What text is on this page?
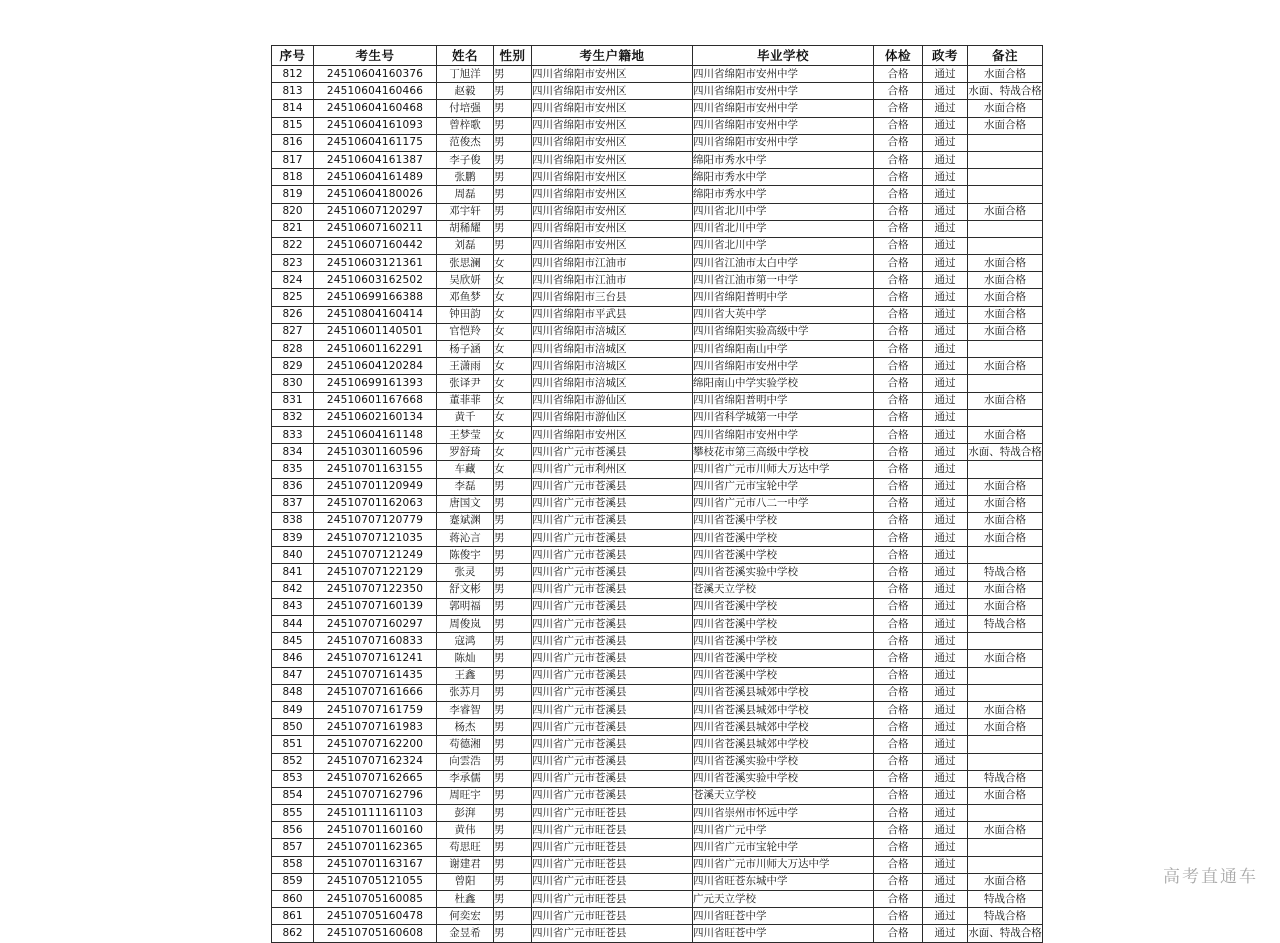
序号	考生号	姓名	性别	考生户籍地	毕业学校	体检	政考	备注
812	24510604160376	丁旭洋	男	四川省绵阳市安州区	四川省绵阳市安州中学	合格	通过	水面合格
813	24510604160466	赵毅	男	四川省绵阳市安州区	四川省绵阳市安州中学	合格	通过	水面、特战合格
814	24510604160468	付培强	男	四川省绵阳市安州区	四川省绵阳市安州中学	合格	通过	水面合格
815	24510604161093	曾梓歌	男	四川省绵阳市安州区	四川省绵阳市安州中学	合格	通过	水面合格
816	24510604161175	范俊杰	男	四川省绵阳市安州区	四川省绵阳市安州中学	合格	通过	
817	24510604161387	李子俊	男	四川省绵阳市安州区	绵阳市秀水中学	合格	通过	
818	24510604161489	张鹏	男	四川省绵阳市安州区	绵阳市秀水中学	合格	通过	
819	24510604180026	周磊	男	四川省绵阳市安州区	绵阳市秀水中学	合格	通过	
820	24510607120297	邓宇轩	男	四川省绵阳市安州区	四川省北川中学	合格	通过	水面合格
821	24510607160211	胡稀耀	男	四川省绵阳市安州区	四川省北川中学	合格	通过	
822	24510607160442	刘磊	男	四川省绵阳市安州区	四川省北川中学	合格	通过	
823	24510603121361	张思澜	女	四川省绵阳市江油市	四川省江油市太白中学	合格	通过	水面合格
824	24510603162502	吴欣妍	女	四川省绵阳市江油市	四川省江油市第一中学	合格	通过	水面合格
825	24510699166388	邓鱼梦	女	四川省绵阳市三台县	四川省绵阳普明中学	合格	通过	水面合格
826	24510804160414	钟田韵	女	四川省绵阳市平武县	四川省大英中学	合格	通过	水面合格
827	24510601140501	官恺羚	女	四川省绵阳市涪城区	四川省绵阳实验高级中学	合格	通过	水面合格
828	24510601162291	杨子涵	女	四川省绵阳市涪城区	四川省绵阳南山中学	合格	通过	
829	24510604120284	王潇雨	女	四川省绵阳市涪城区	四川省绵阳市安州中学	合格	通过	水面合格
830	24510699161393	张译尹	女	四川省绵阳市涪城区	绵阳南山中学实验学校	合格	通过	
831	24510601167668	董菲菲	女	四川省绵阳市游仙区	四川省绵阳普明中学	合格	通过	水面合格
832	24510602160134	黄千	女	四川省绵阳市游仙区	四川省科学城第一中学	合格	通过	
833	24510604161148	王梦莹	女	四川省绵阳市安州区	四川省绵阳市安州中学	合格	通过	水面合格
834	24510301160596	罗舒琦	女	四川省广元市苍溪县	攀枝花市第三高级中学校	合格	通过	水面、特战合格
835	24510701163155	车藏	女	四川省广元市利州区	四川省广元市川师大万达中学	合格	通过	
836	24510701120949	李磊	男	四川省广元市苍溪县	四川省广元市宝轮中学	合格	通过	水面合格
837	24510701162063	唐国文	男	四川省广元市苍溪县	四川省广元市八二一中学	合格	通过	水面合格
838	24510707120779	蹇斌渊	男	四川省广元市苍溪县	四川省苍溪中学校	合格	通过	水面合格
839	24510707121035	蒋沁言	男	四川省广元市苍溪县	四川省苍溪中学校	合格	通过	水面合格
840	24510707121249	陈俊宇	男	四川省广元市苍溪县	四川省苍溪中学校	合格	通过	
841	24510707122129	张灵	男	四川省广元市苍溪县	四川省苍溪实验中学校	合格	通过	特战合格
842	24510707122350	舒文彬	男	四川省广元市苍溪县	苍溪天立学校	合格	通过	水面合格
843	24510707160139	郭明福	男	四川省广元市苍溪县	四川省苍溪中学校	合格	通过	水面合格
844	24510707160297	周俊岚	男	四川省广元市苍溪县	四川省苍溪中学校	合格	通过	特战合格
845	24510707160833	寇鸿	男	四川省广元市苍溪县	四川省苍溪中学校	合格	通过	
846	24510707161241	陈灿	男	四川省广元市苍溪县	四川省苍溪中学校	合格	通过	水面合格
847	24510707161435	王鑫	男	四川省广元市苍溪县	四川省苍溪中学校	合格	通过	
848	24510707161666	张苏月	男	四川省广元市苍溪县	四川省苍溪县城郊中学校	合格	通过	
849	24510707161759	李睿智	男	四川省广元市苍溪县	四川省苍溪县城郊中学校	合格	通过	水面合格
850	24510707161983	杨杰	男	四川省广元市苍溪县	四川省苍溪县城郊中学校	合格	通过	水面合格
851	24510707162200	苟德湘	男	四川省广元市苍溪县	四川省苍溪县城郊中学校	合格	通过	
852	24510707162324	向雲浩	男	四川省广元市苍溪县	四川省苍溪实验中学校	合格	通过	
853	24510707162665	李承儒	男	四川省广元市苍溪县	四川省苍溪实验中学校	合格	通过	特战合格
854	24510707162796	周旺宇	男	四川省广元市苍溪县	苍溪天立学校	合格	通过	水面合格
855	24510111161103	彭湃	男	四川省广元市旺苍县	四川省崇州市怀远中学	合格	通过	
856	24510701160160	黄伟	男	四川省广元市旺苍县	四川省广元中学	合格	通过	水面合格
857	24510701162365	苟思旺	男	四川省广元市旺苍县	四川省广元市宝轮中学	合格	通过	
858	24510701163167	谢建君	男	四川省广元市旺苍县	四川省广元市川师大万达中学	合格	通过	
859	24510705121055	曾阳	男	四川省广元市旺苍县	四川省旺苍东城中学	合格	通过	水面合格
860	24510705160085	杜鑫	男	四川省广元市旺苍县	广元天立学校	合格	通过	特战合格
861	24510705160478	何奕宏	男	四川省广元市旺苍县	四川省旺苍中学	合格	通过	特战合格
862	24510705160608	金昱希	男	四川省广元市旺苍县	四川省旺苍中学	合格	通过	水面、特战合格
高考直通车
